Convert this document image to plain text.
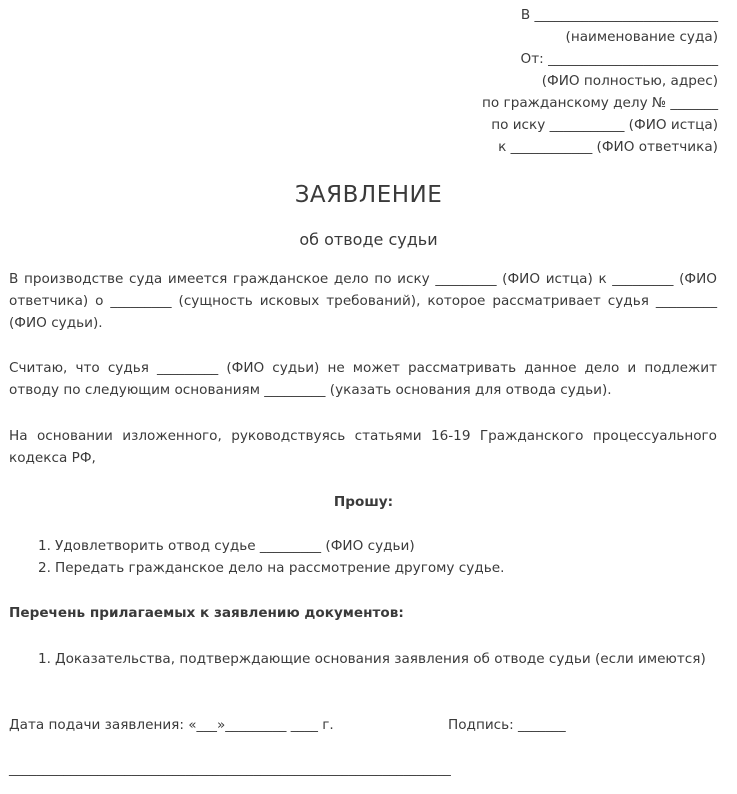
В ___________________________
(наименование суда)
От: _________________________
(ФИО полностью, адрес)
по гражданскому делу № _______
по иску ___________ (ФИО истца)
к ____________ (ФИО ответчика)
ЗАЯВЛЕНИЕ
об отводе судьи
В производстве суда имеется гражданское дело по иску _________ (ФИО истца) к _________ (ФИО ответчика) о _________ (сущность исковых требований), которое рассматривает судья _________ (ФИО судьи).
Считаю, что судья _________ (ФИО судьи) не может рассматривать данное дело и подлежит отводу по следующим основаниям _________ (указать основания для отвода судьи).
На основании изложенного, руководствуясь статьями 16-19 Гражданского процессуального кодекса РФ,
Прошу:
1. Удовлетворить отвод судье _________ (ФИО судьи)
2. Передать гражданское дело на рассмотрение другому судье.
Перечень прилагаемых к заявлению документов:
1. Доказательства, подтверждающие основания заявления об отводе судьи (если имеются)
Дата подачи заявления: «___»_________ ____ г.	Подпись: _______
_________________________________________________________________
